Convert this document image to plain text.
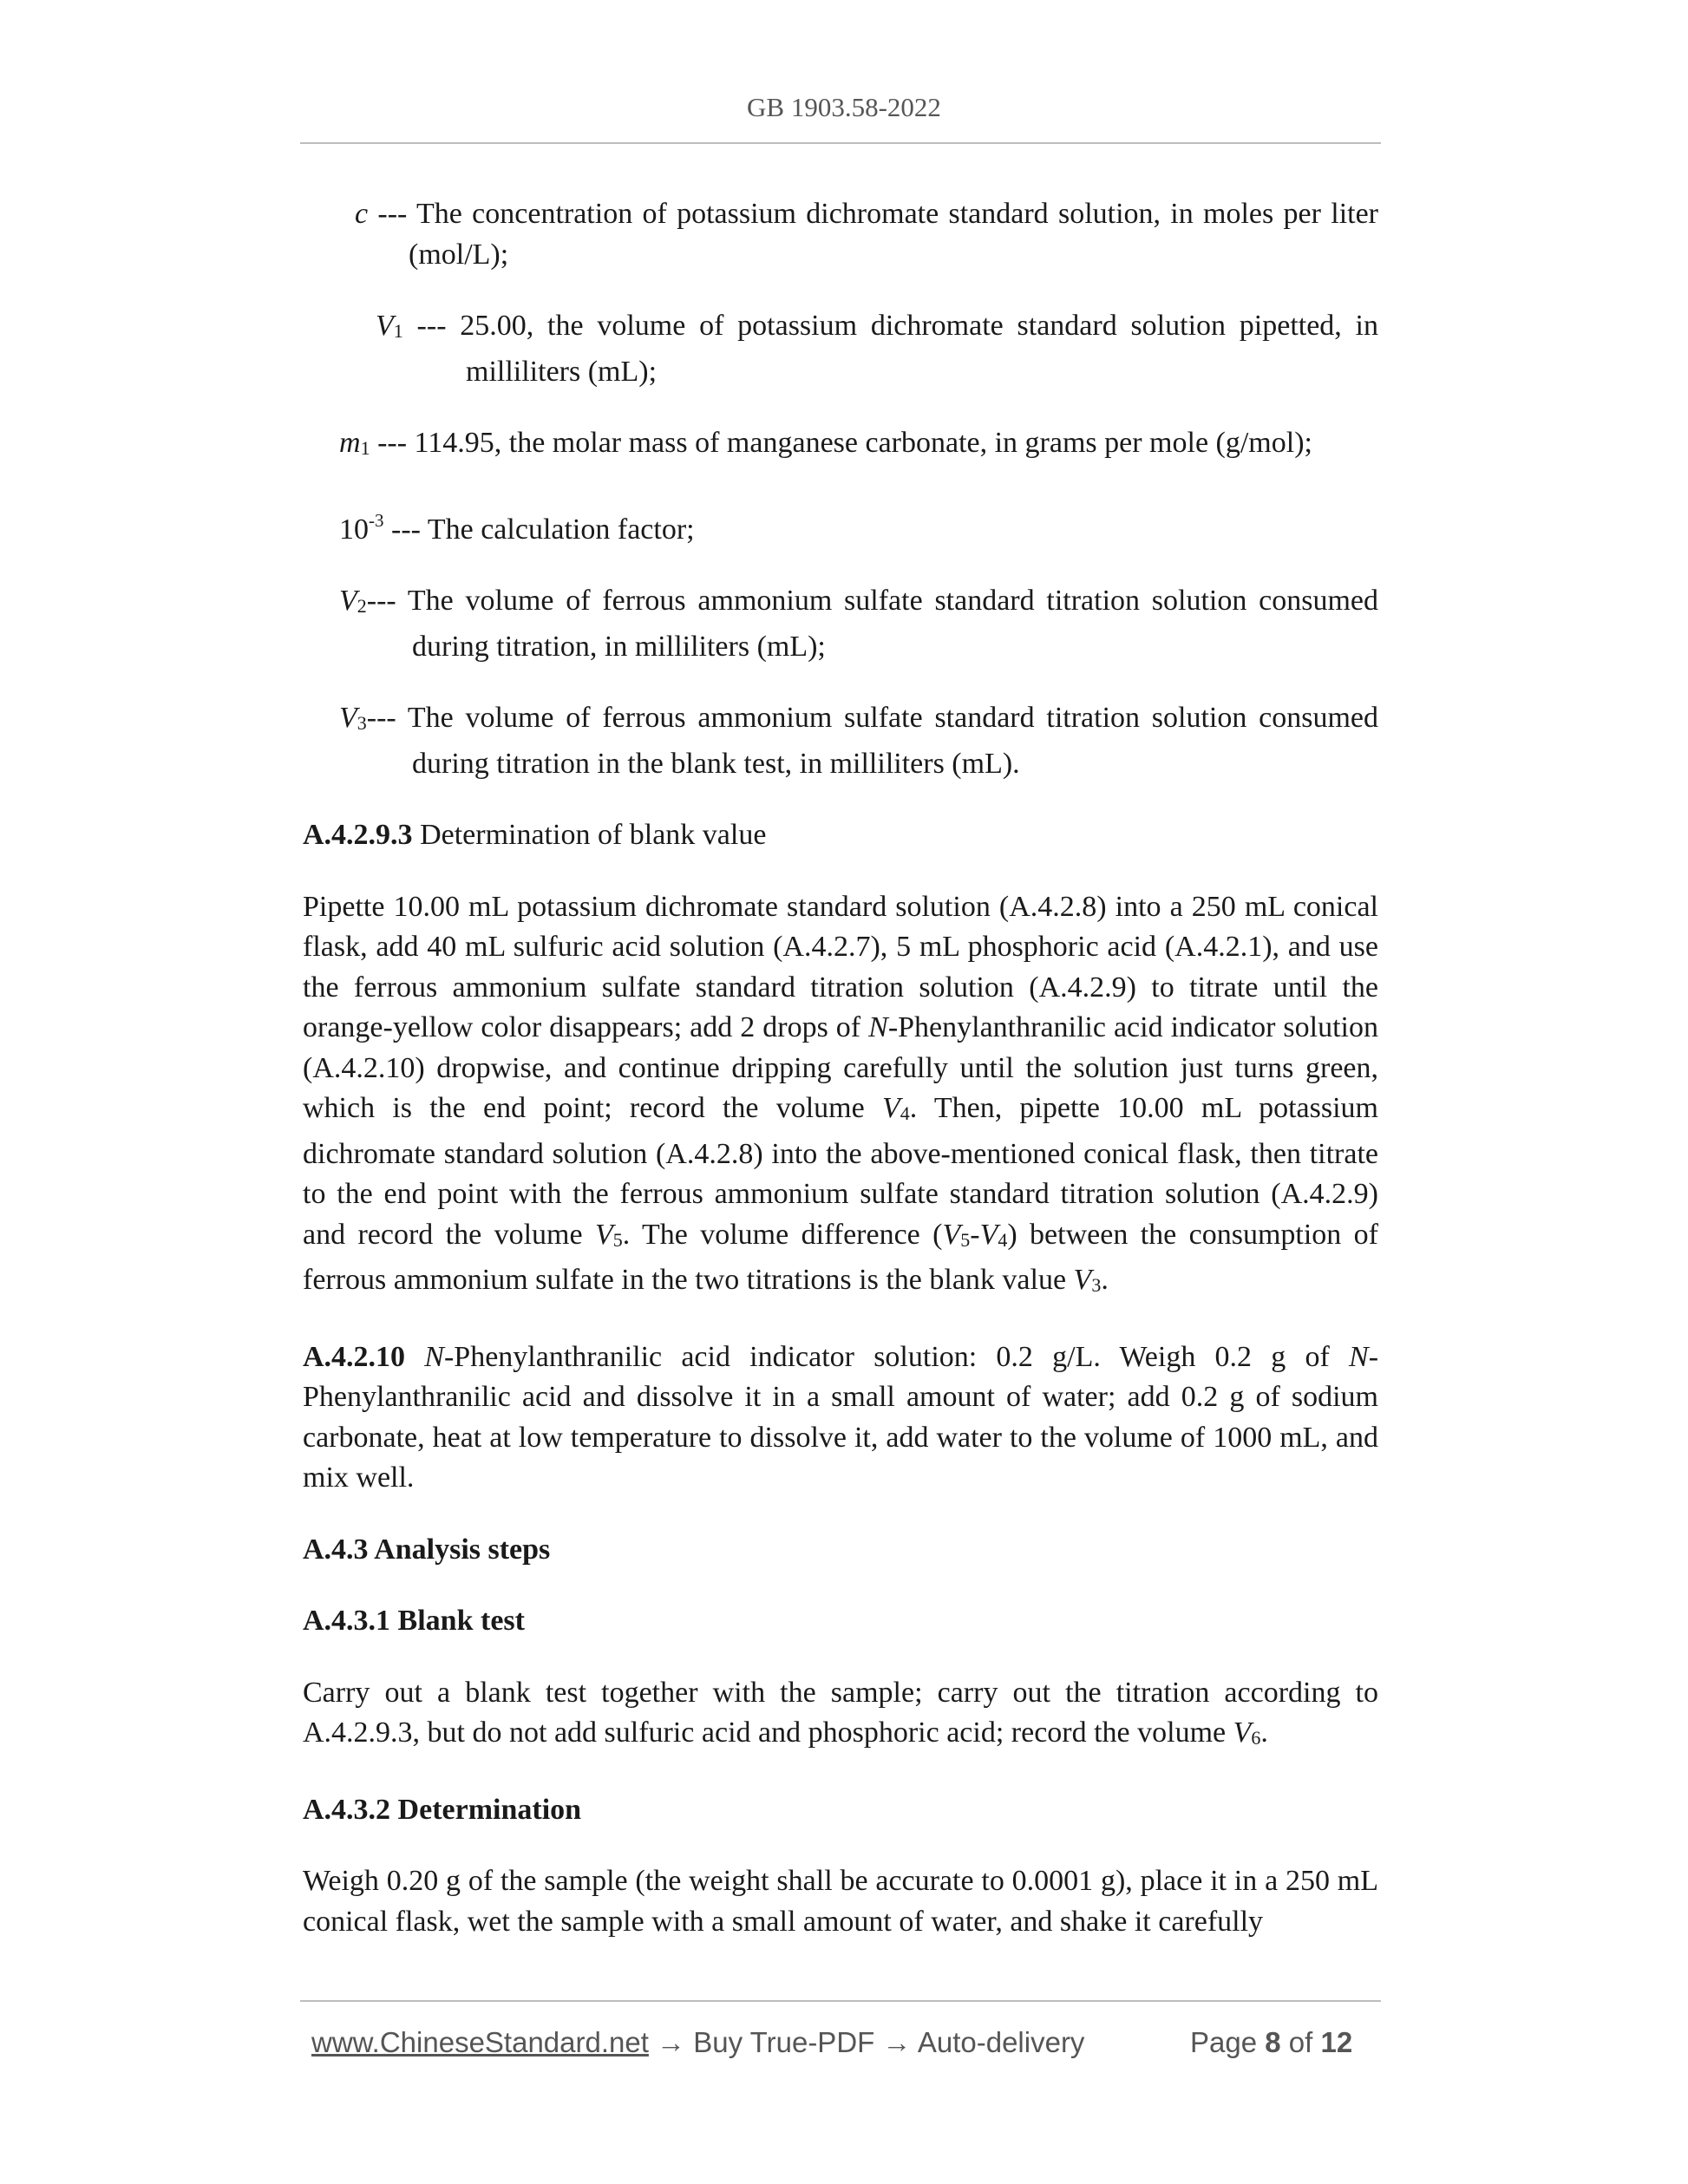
GB 1903.58-2022

c --- The concentration of potassium dichromate standard solution, in moles per liter (mol/L);

$V_1$ --- 25.00, the volume of potassium dichromate standard solution pipetted, in milliliters (mL);

$m_1$ --- 114.95, the molar mass of manganese carbonate, in grams per mole (g/mol);

$10^{-3}$ --- The calculation factor;

$V_2---$ The volume of ferrous ammonium sulfate standard titration solution consumed during titration, in milliliters (mL);

$V_3---$ The volume of ferrous ammonium sulfate standard titration solution consumed during titration in the blank test, in milliliters (mL).

A.4.2.9.3 Determination of blank value

Pipette 10.00 mL potassium dichromate standard solution (A.4.2.8) into a 250 mL conical flask, add 40 mL sulfuric acid solution (A.4.2.7), 5 mL phosphoric acid (A.4.2.1), and use the ferrous ammonium sulfate standard titration solution (A.4.2.9) to titrate until the orange-yellow color disappears; add 2 drops of N-Phenylanthranilic acid indicator solution (A.4.2.10) dropwise, and continue dripping carefully until the solution just turns green, which is the end point; record the volume $V_4$. Then, pipette 10.00 mL potassium dichromate standard solution (A.4.2.8) into the above-mentioned conical flask, then titrate to the end point with the ferrous ammonium sulfate standard titration solution (A.4.2.9) and record the volume $V_5$. The volume difference $(V_5-V_4)$ between the consumption of ferrous ammonium sulfate in the two titrations is the blank value $V_3$.

A.4.2.10 N-Phenylanthranilic acid indicator solution: 0.2 g/L. Weigh 0.2 g of N-Phenylanthranilic acid and dissolve it in a small amount of water; add 0.2 g of sodium carbonate, heat at low temperature to dissolve it, add water to the volume of 1000 mL, and mix well.

A.4.3 Analysis steps

A.4.3.1 Blank test

Carry out a blank test together with the sample; carry out the titration according to A.4.2.9.3, but do not add sulfuric acid and phosphoric acid; record the volume $V_6$.

A.4.3.2 Determination

Weigh 0.20 g of the sample (the weight shall be accurate to 0.0001 g), place it in a 250 mL conical flask, wet the sample with a small amount of water, and shake it carefully

www.ChineseStandard.net → Buy True-PDF → Auto-delivery	Page 8 of 12
